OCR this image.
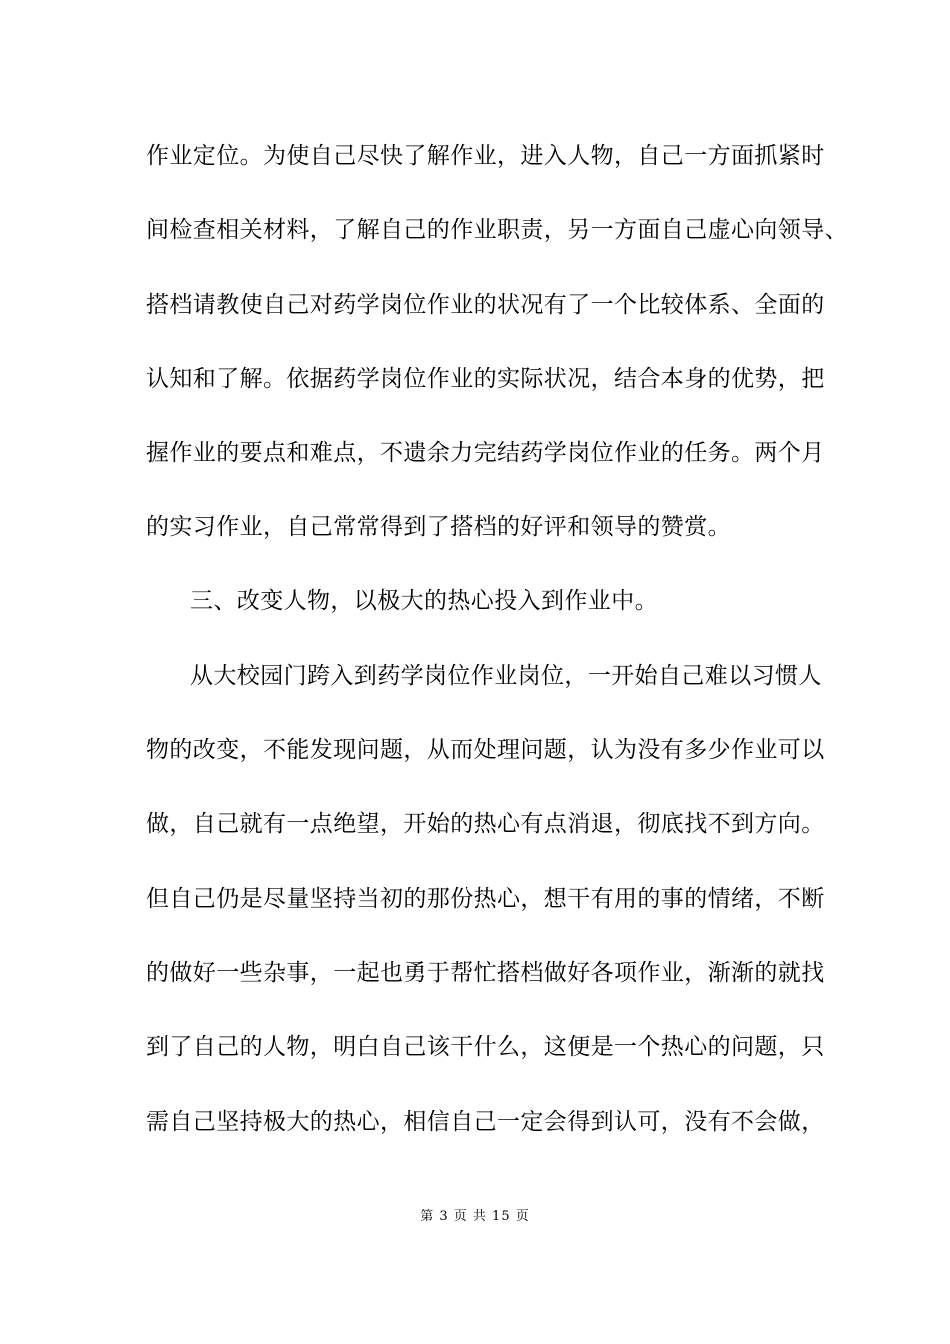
作业定位。为使自己尽快了解作业，进入人物，自己一方面抓紧时
间检查相关材料，了解自己的作业职责，另一方面自己虚心向领导、
搭档请教使自己对药学岗位作业的状况有了一个比较体系、全面的
认知和了解。依据药学岗位作业的实际状况，结合本身的优势，把
握作业的要点和难点，不遗余力完结药学岗位作业的任务。两个月
的实习作业，自己常常得到了搭档的好评和领导的赞赏。
三、改变人物，以极大的热心投入到作业中。
从大校园门跨入到药学岗位作业岗位，一开始自己难以习惯人
物的改变，不能发现问题，从而处理问题，认为没有多少作业可以
做，自己就有一点绝望，开始的热心有点消退，彻底找不到方向。
但自己仍是尽量坚持当初的那份热心，想干有用的事的情绪，不断
的做好一些杂事，一起也勇于帮忙搭档做好各项作业，渐渐的就找
到了自己的人物，明白自己该干什么，这便是一个热心的问题，只
需自己坚持极大的热心，相信自己一定会得到认可，没有不会做，
第 3 页 共 15 页
